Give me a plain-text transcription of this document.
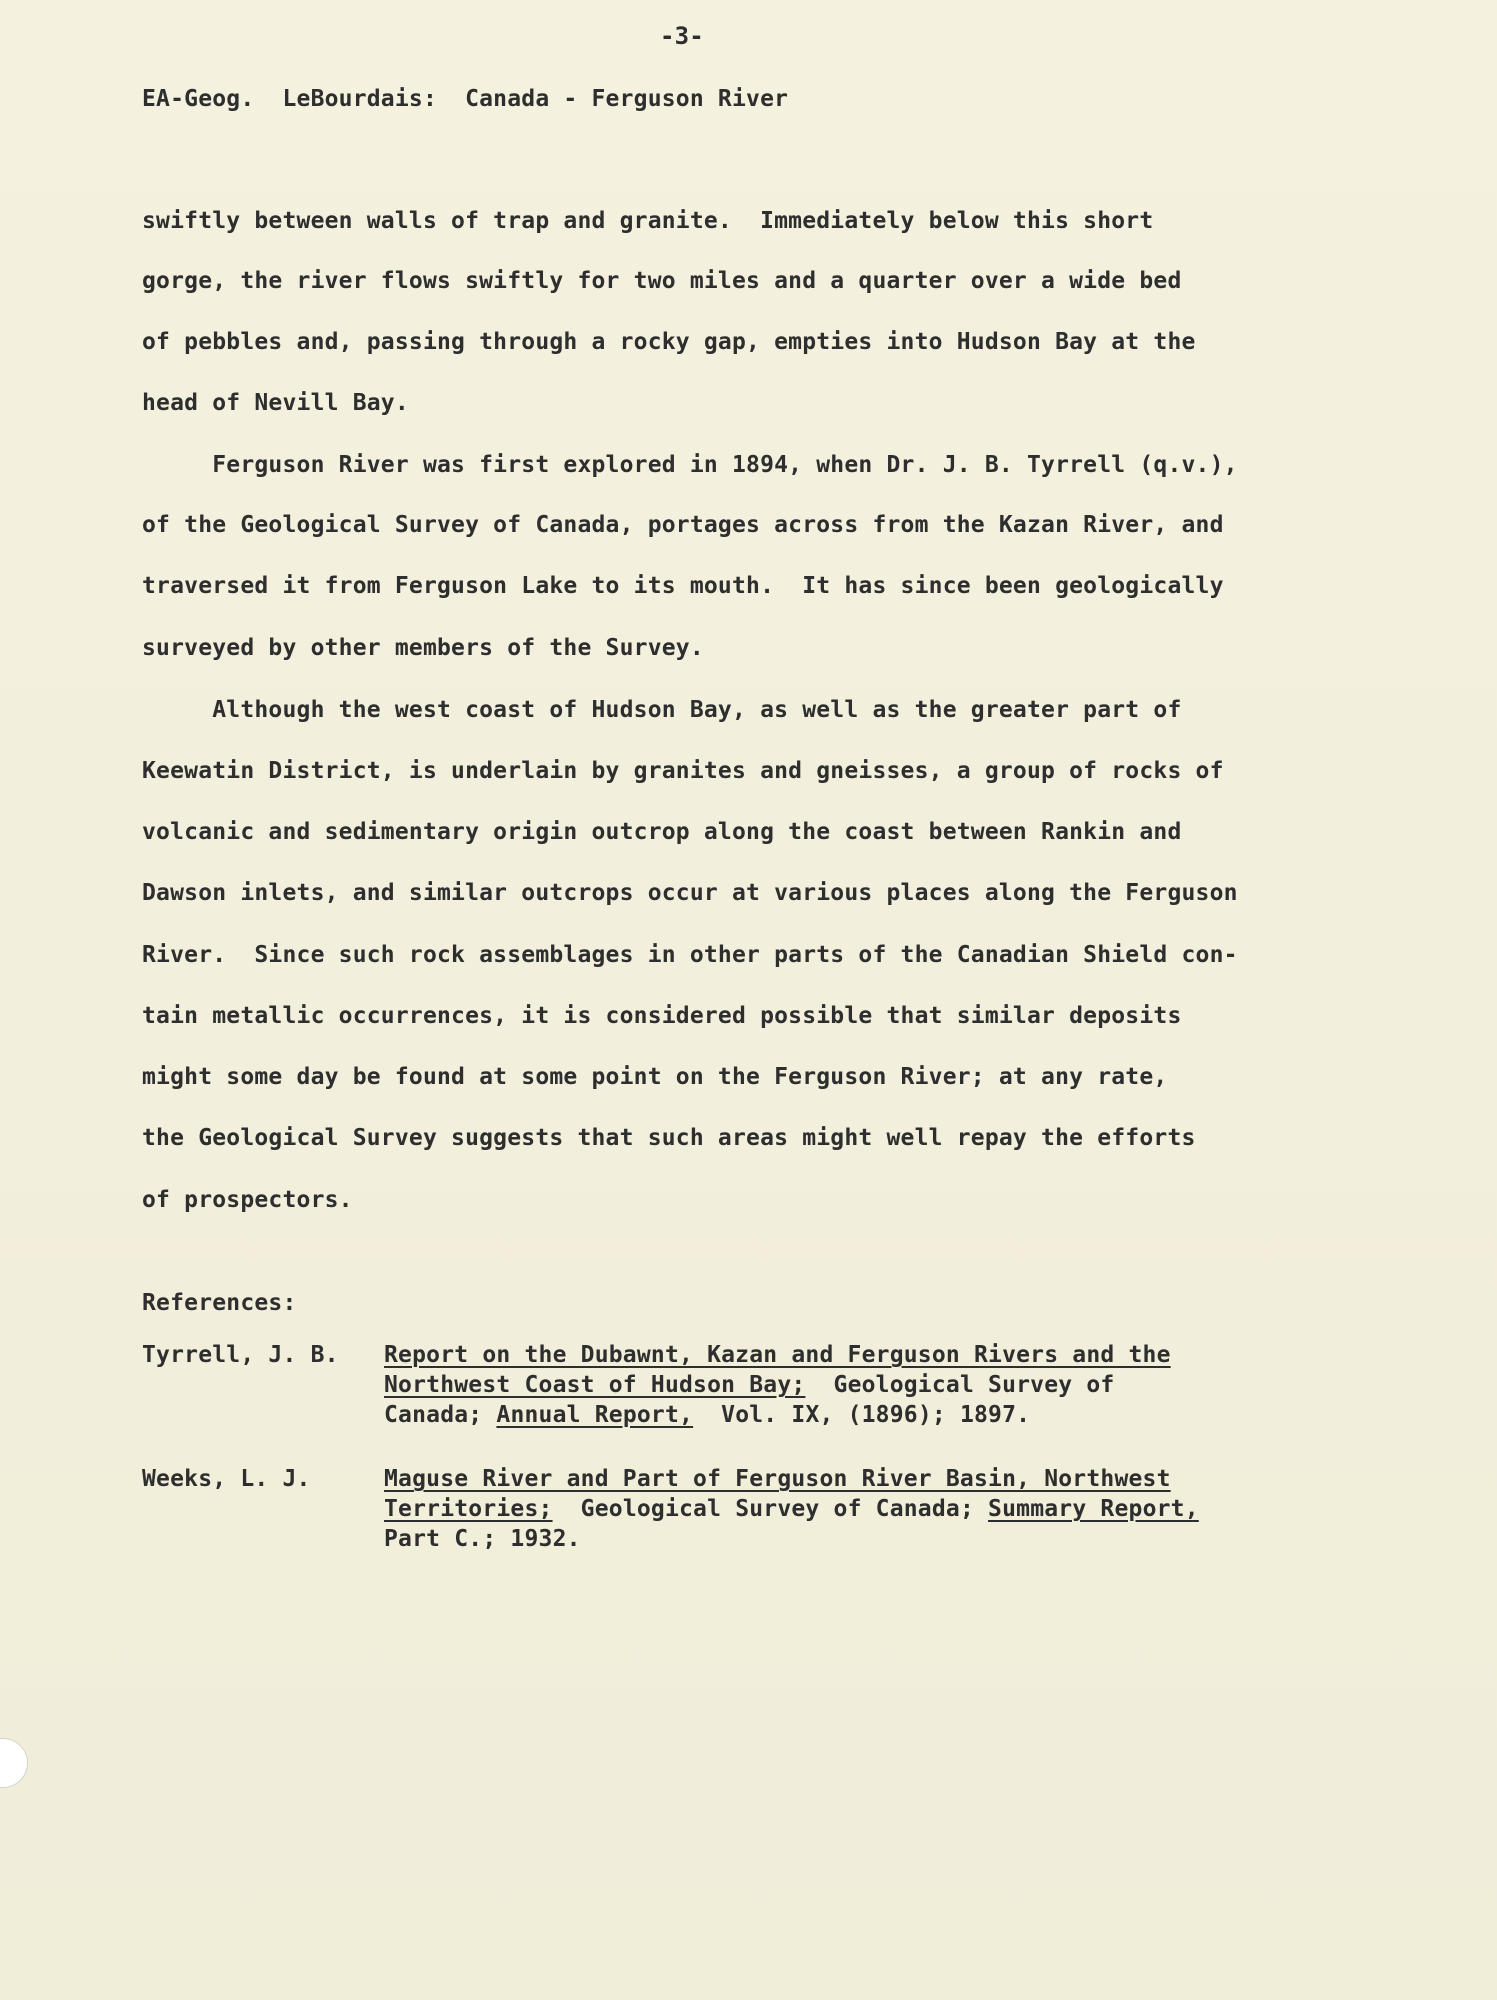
-3-
EA-Geog.  LeBourdais:  Canada - Ferguson River
swiftly between walls of trap and granite.  Immediately below this short
gorge, the river flows swiftly for two miles and a quarter over a wide bed
of pebbles and, passing through a rocky gap, empties into Hudson Bay at the
head of Nevill Bay.
Ferguson River was first explored in 1894, when Dr. J. B. Tyrrell (q.v.),
of the Geological Survey of Canada, portages across from the Kazan River, and
traversed it from Ferguson Lake to its mouth.  It has since been geologically
surveyed by other members of the Survey.
Although the west coast of Hudson Bay, as well as the greater part of
Keewatin District, is underlain by granites and gneisses, a group of rocks of
volcanic and sedimentary origin outcrop along the coast between Rankin and
Dawson inlets, and similar outcrops occur at various places along the Ferguson
River.  Since such rock assemblages in other parts of the Canadian Shield con-
tain metallic occurrences, it is considered possible that similar deposits
might some day be found at some point on the Ferguson River; at any rate,
the Geological Survey suggests that such areas might well repay the efforts
of prospectors.
References:
Tyrrell, J. B. Report on the Dubawnt, Kazan and Ferguson Rivers and the
Northwest Coast of Hudson Bay;  Geological Survey of
Canada; Annual Report,  Vol. IX, (1896); 1897.
Weeks, L. J.	Maguse River and Part of Ferguson River Basin, Northwest
Territories;  Geological Survey of Canada; Summary Report,
Part C.; 1932.
